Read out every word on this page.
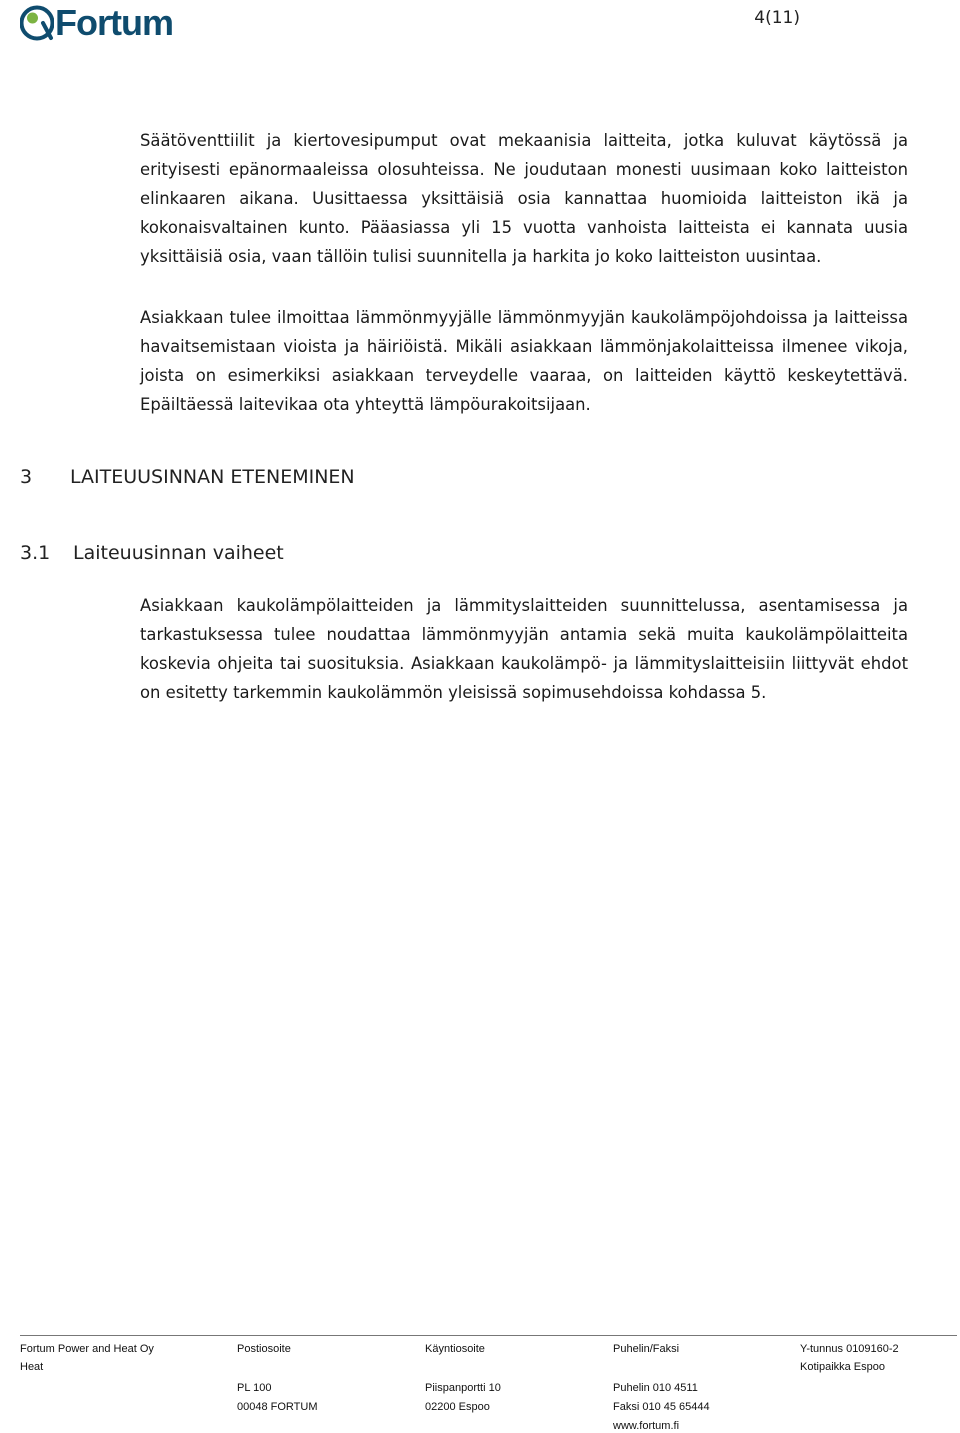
Fortum	4(11)

Säätöventtiilit ja kiertovesipumput ovat mekaanisia laitteita, jotka kuluvat käytössä ja erityisesti epänormaaleissa olosuhteissa. Ne joudutaan monesti uusimaan koko laitteiston elinkaaren aikana. Uusittaessa yksittäisiä osia kannattaa huomioida laitteiston ikä ja kokonaisvaltainen kunto. Pääasiassa yli 15 vuotta vanhoista laitteista ei kannata uusia yksittäisiä osia, vaan tällöin tulisi suunnitella ja harkita jo koko laitteiston uusintaa.

Asiakkaan tulee ilmoittaa lämmönmyyjälle lämmönmyyjän kaukolämpöjohdoissa ja laitteissa havaitsemistaan vioista ja häiriöistä. Mikäli asiakkaan lämmönjakolaitteissa ilmenee vikoja, joista on esimerkiksi asiakkaan terveydelle vaaraa, on laitteiden käyttö keskeytettävä. Epäiltäessä laitevikaa ota yhteyttä lämpöurakoitsijaan.

3 LAITEUUSINNAN ETENEMINEN
3.1 Laiteuusinnan vaiheet

Asiakkaan kaukolämpölaitteiden ja lämmityslaitteiden suunnittelussa, asentamisessa ja tarkastuksessa tulee noudattaa lämmönmyyjän antamia sekä muita kaukolämpölaitteita koskevia ohjeita tai suosituksia. Asiakkaan kaukolämpö- ja lämmityslaitteisiin liittyvät ehdot on esitetty tarkemmin kaukolämmön yleisissä sopimusehdoissa kohdassa 5.

Fortum Power and Heat Oy
Heat
Postiosoite
PL 100
00048 FORTUM
Käyntiosoite
Piispanportti 10
02200 Espoo
Puhelin/Faksi
Puhelin 010 4511
Faksi 010 45 65444
www.fortum.fi
Y-tunnus 0109160-2
Kotipaikka Espoo
